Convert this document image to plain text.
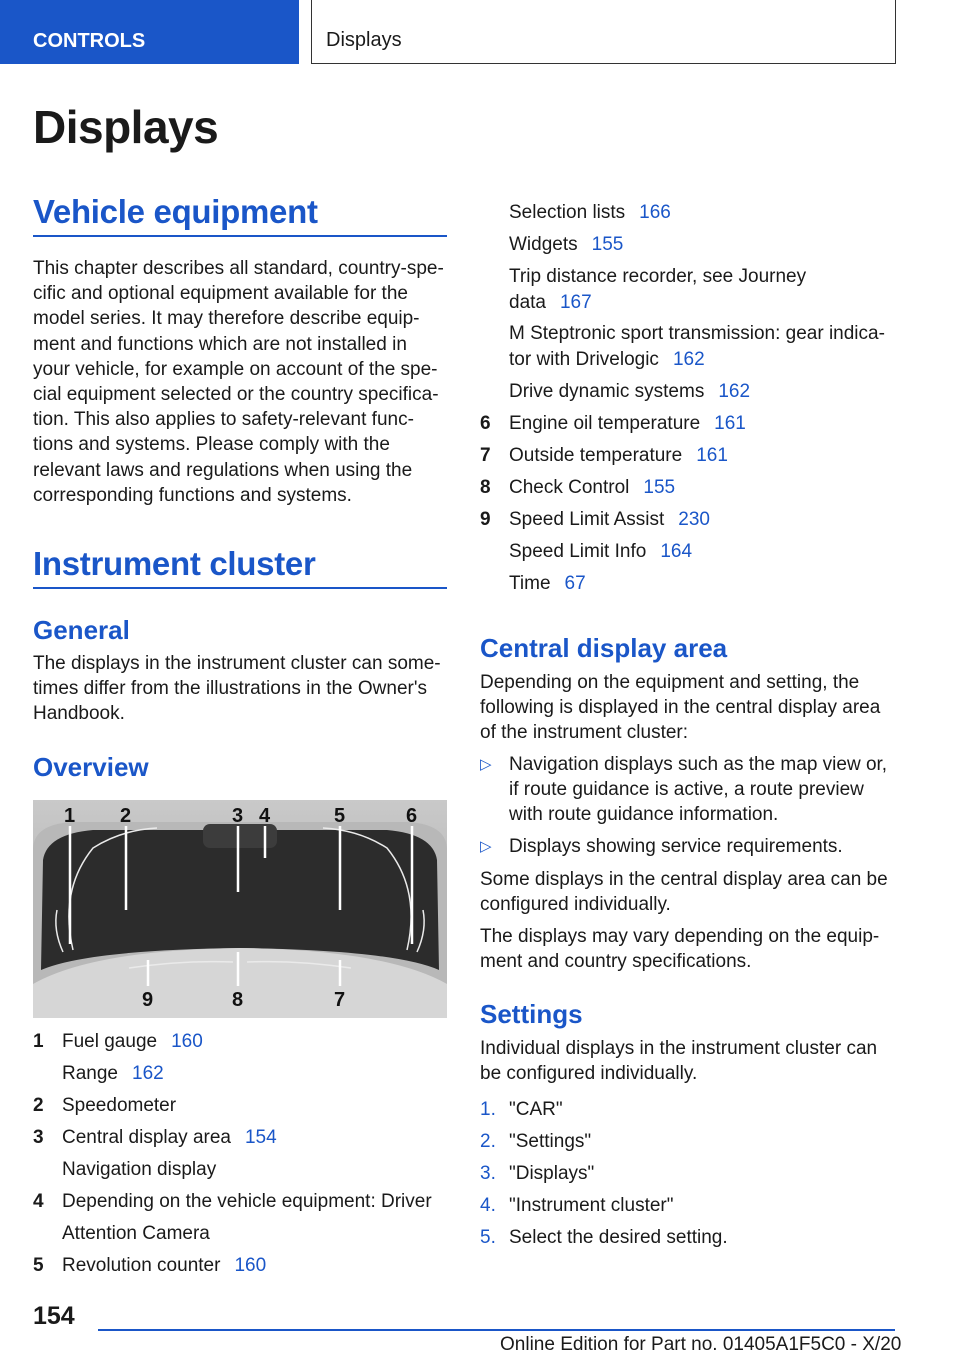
CONTROLS	Displays
Displays
Vehicle equipment
This chapter describes all standard, country-spe-
cific and optional equipment available for the
model series. It may therefore describe equip-
ment and functions which are not installed in
your vehicle, for example on account of the spe-
cial equipment selected or the country specifica-
tion. This also applies to safety-relevant func-
tions and systems. Please comply with the
relevant laws and regulations when using the
corresponding functions and systems.
Instrument cluster
General
The displays in the instrument cluster can some-
times differ from the illustrations in the Owner's
Handbook.
Overview
1 2	3 4	5	6
9	8	7
1 Fuel gauge 160
Range 162
2 Speedometer
3 Central display area 154
Navigation display
4 Depending on the vehicle equipment: Driver
Attention Camera
5 Revolution counter 160
Selection lists 166
Widgets 155
Trip distance recorder, see Journey
data 167
M Steptronic sport transmission: gear indica-
tor with Drivelogic 162
Drive dynamic systems 162
6 Engine oil temperature 161
7 Outside temperature 161
8 Check Control 155
9 Speed Limit Assist 230
Speed Limit Info 164
Time 67
Central display area
Depending on the equipment and setting, the
following is displayed in the central display area
of the instrument cluster:
▷ Navigation displays such as the map view or,
if route guidance is active, a route preview
with route guidance information.
▷ Displays showing service requirements.
Some displays in the central display area can be
configured individually.
The displays may vary depending on the equip-
ment and country specifications.
Settings
Individual displays in the instrument cluster can
be configured individually.
1. "CAR"
2. "Settings"
3. "Displays"
4. "Instrument cluster"
5. Select the desired setting.
154
Online Edition for Part no. 01405A1F5C0 - X/20
